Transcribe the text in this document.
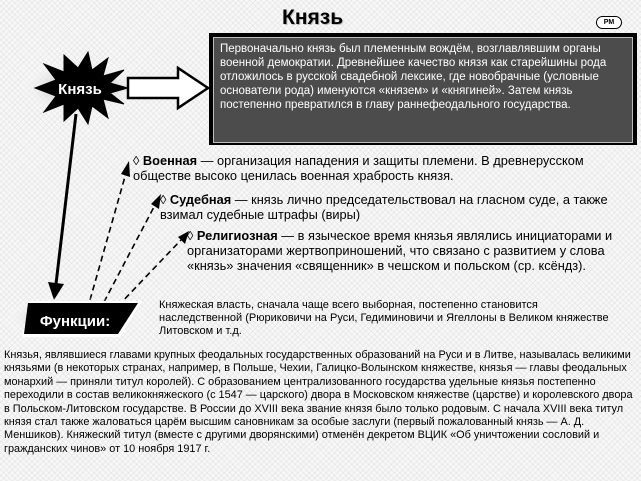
Князь	PM
Князь
Первоначально князь был племенным вождём, возглавлявшим органы военной демократии. Древнейшее качество князя как старейшины рода отложилось в русской свадебной лексике, где новобрачные (условные основатели рода) именуются «князем» и «княгиней». Затем князь постепенно превратился в главу раннефеодального государства.
Функции:
◊ Военная — организация нападения и защиты племени. В древнерусском обществе высоко ценилась военная храбрость князя.
◊ Судебная — князь лично председательствовал на гласном суде, а также взимал судебные штрафы (виры)
◊ Религиозная — в языческое время князья являлись инициаторами и организаторами жертвоприношений, что связано с развитием у слова «князь» значения «священник» в чешском и польском (ср. ксёндз).
Княжеская власть, сначала чаще всего выборная, постепенно становится наследственной (Рюриковичи на Руси, Гедиминовичи и Ягеллоны в Великом княжестве Литовском и т.д.
Князья, являвшиеся главами крупных феодальных государственных образований на Руси и в Литве, называлась великими князьями (в некоторых странах, например, в Польше, Чехии, Галицко-Волынском княжестве, князья — главы феодальных монархий — приняли титул королей). С образованием централизованного государства удельные князья постепенно переходили в состав великокняжеского (с 1547 — царского) двора в Московском княжестве (царстве) и королевского двора в Польском-Литовском государстве. В России до XVIII века звание князя было только родовым. С начала XVIII века титул князя стал также жаловаться царём высшим сановникам за особые заслуги (первый пожалованный князь — А. Д. Меншиков). Княжеский титул (вместе с другими дворянскими) отменён декретом ВЦИК «Об уничтожении сословий и гражданских чинов» от 10 ноября 1917 г.
